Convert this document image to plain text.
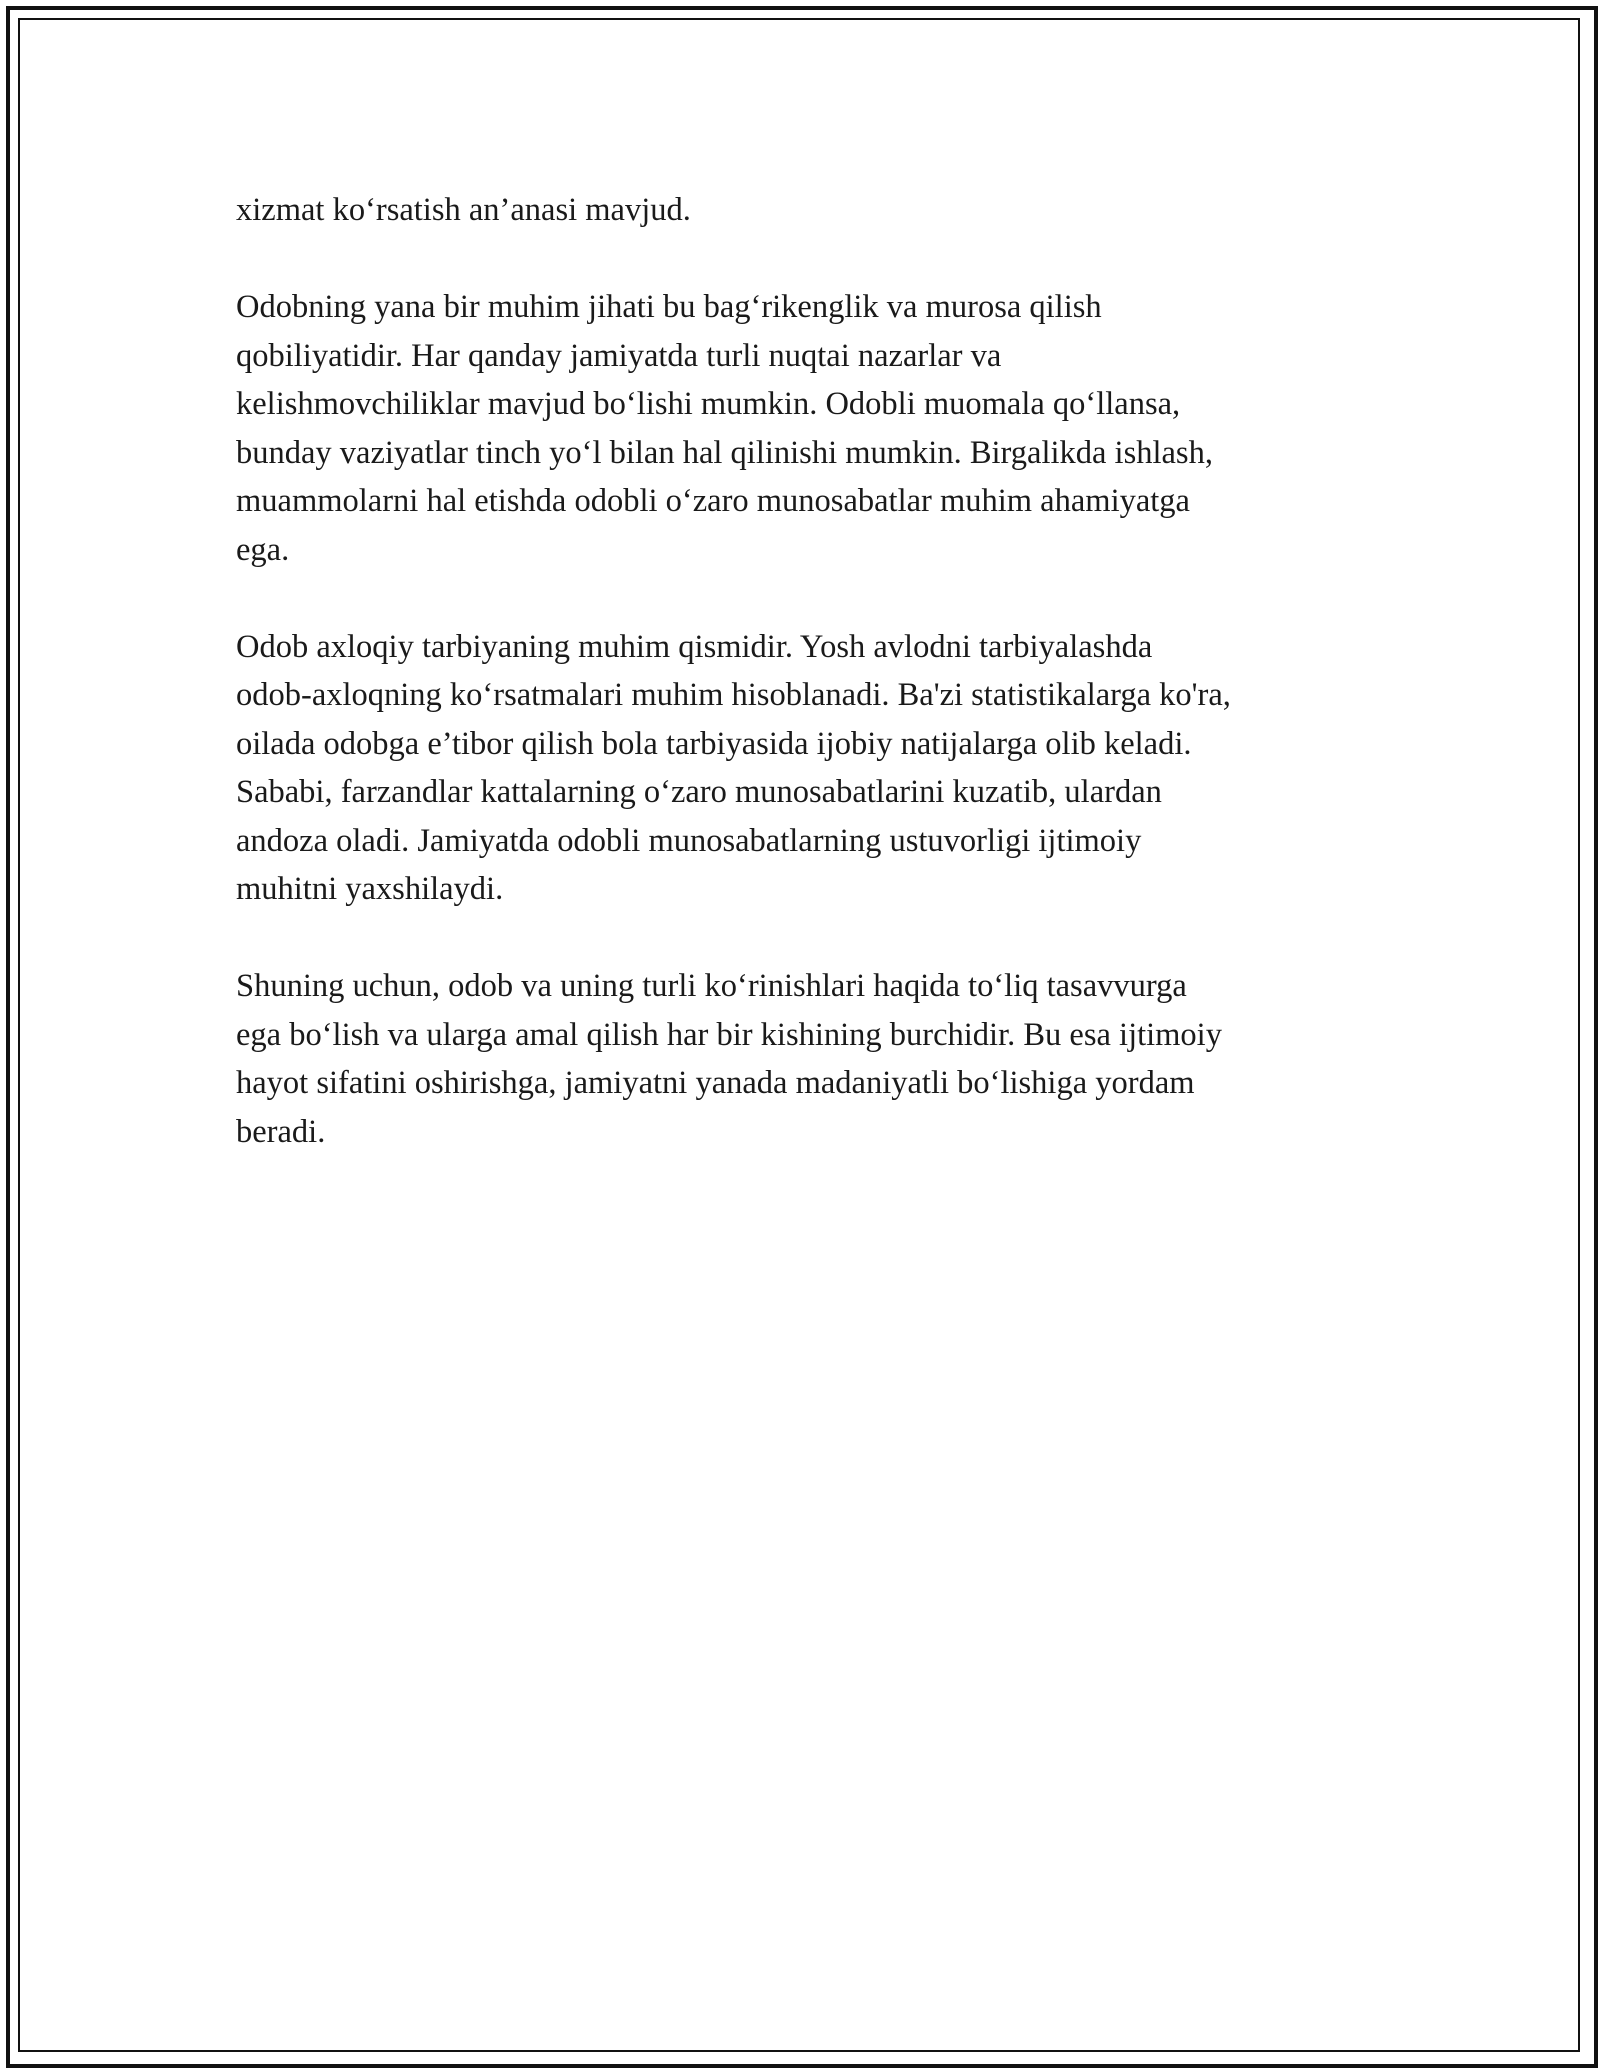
xizmat ko‘rsatish an’anasi mavjud.

Odobning yana bir muhim jihati bu bag‘rikenglik va murosa qilish
qobiliyatidir. Har qanday jamiyatda turli nuqtai nazarlar va
kelishmovchiliklar mavjud bo‘lishi mumkin. Odobli muomala qo‘llansa,
bunday vaziyatlar tinch yo‘l bilan hal qilinishi mumkin. Birgalikda ishlash,
muammolarni hal etishda odobli o‘zaro munosabatlar muhim ahamiyatga
ega.

Odob axloqiy tarbiyaning muhim qismidir. Yosh avlodni tarbiyalashda
odob-axloqning ko‘rsatmalari muhim hisoblanadi. Ba'zi statistikalarga ko'ra,
oilada odobga e’tibor qilish bola tarbiyasida ijobiy natijalarga olib keladi.
Sababi, farzandlar kattalarning o‘zaro munosabatlarini kuzatib, ulardan
andoza oladi. Jamiyatda odobli munosabatlarning ustuvorligi ijtimoiy
muhitni yaxshilaydi.

Shuning uchun, odob va uning turli ko‘rinishlari haqida to‘liq tasavvurga
ega bo‘lish va ularga amal qilish har bir kishining burchidir. Bu esa ijtimoiy
hayot sifatini oshirishga, jamiyatni yanada madaniyatli bo‘lishiga yordam
beradi.
